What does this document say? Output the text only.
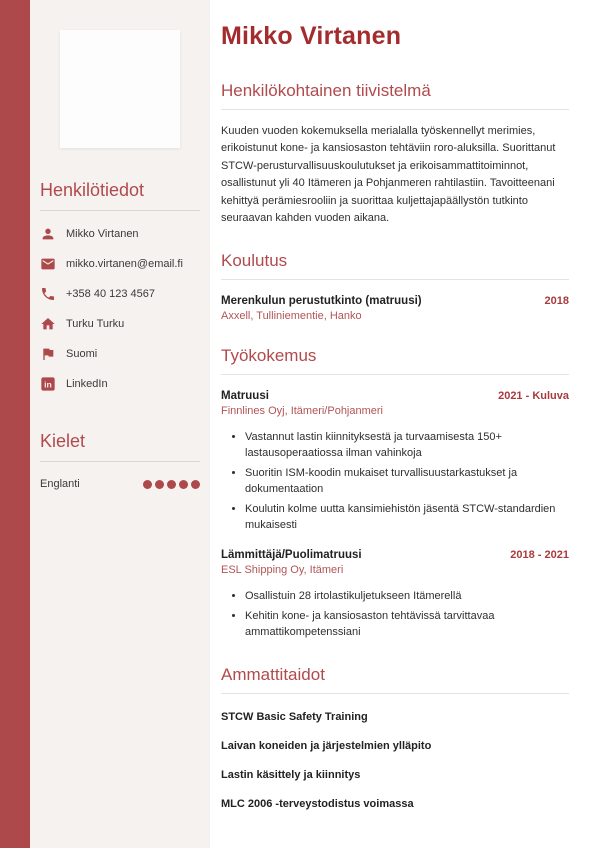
Henkilötiedot
Mikko Virtanen
mikko.virtanen@email.fi
+358 40 123 4567
Turku Turku
Suomi
in LinkedIn
Kielet
Englanti
Mikko Virtanen
Henkilökohtainen tiivistelmä

Kuuden vuoden kokemuksella merialalla työskennellyt merimies, erikoistunut kone- ja kansiosaston tehtäviin roro-aluksilla. Suorittanut STCW-perusturvallisuuskoulutukset ja erikoisammattitoiminnot, osallistunut yli 40 Itämeren ja Pohjanmeren rahtilastiin. Tavoitteenani kehittyä perämiesrooliin ja suorittaa kuljettajapäällystön tutkinto seuraavan kahden vuoden aikana.

Koulutus
Merenkulun perustutkinto (matruusi)	2018
Axxell, Tulliniementie, Hanko
Työkokemus
Matruusi	2021 - Kuluva
Finnlines Oyj, Itämeri/Pohjanmeri
• Vastannut lastin kiinnityksestä ja turvaamisesta 150+ lastausoperaatiossa ilman vahinkoja
• Suoritin ISM-koodin mukaiset turvallisuustarkastukset ja dokumentaation
• Koulutin kolme uutta kansimiehistön jäsentä STCW-standardien mukaisesti
Lämmittäjä/Puolimatruusi	2018 - 2021
ESL Shipping Oy, Itämeri
• Osallistuin 28 irtolastikuljetukseen Itämerellä
• Kehitin kone- ja kansiosaston tehtävissä tarvittavaa ammattikompetenssiani
Ammattitaidot
STCW Basic Safety Training
Laivan koneiden ja järjestelmien ylläpito
Lastin käsittely ja kiinnitys
MLC 2006 -terveystodistus voimassa
